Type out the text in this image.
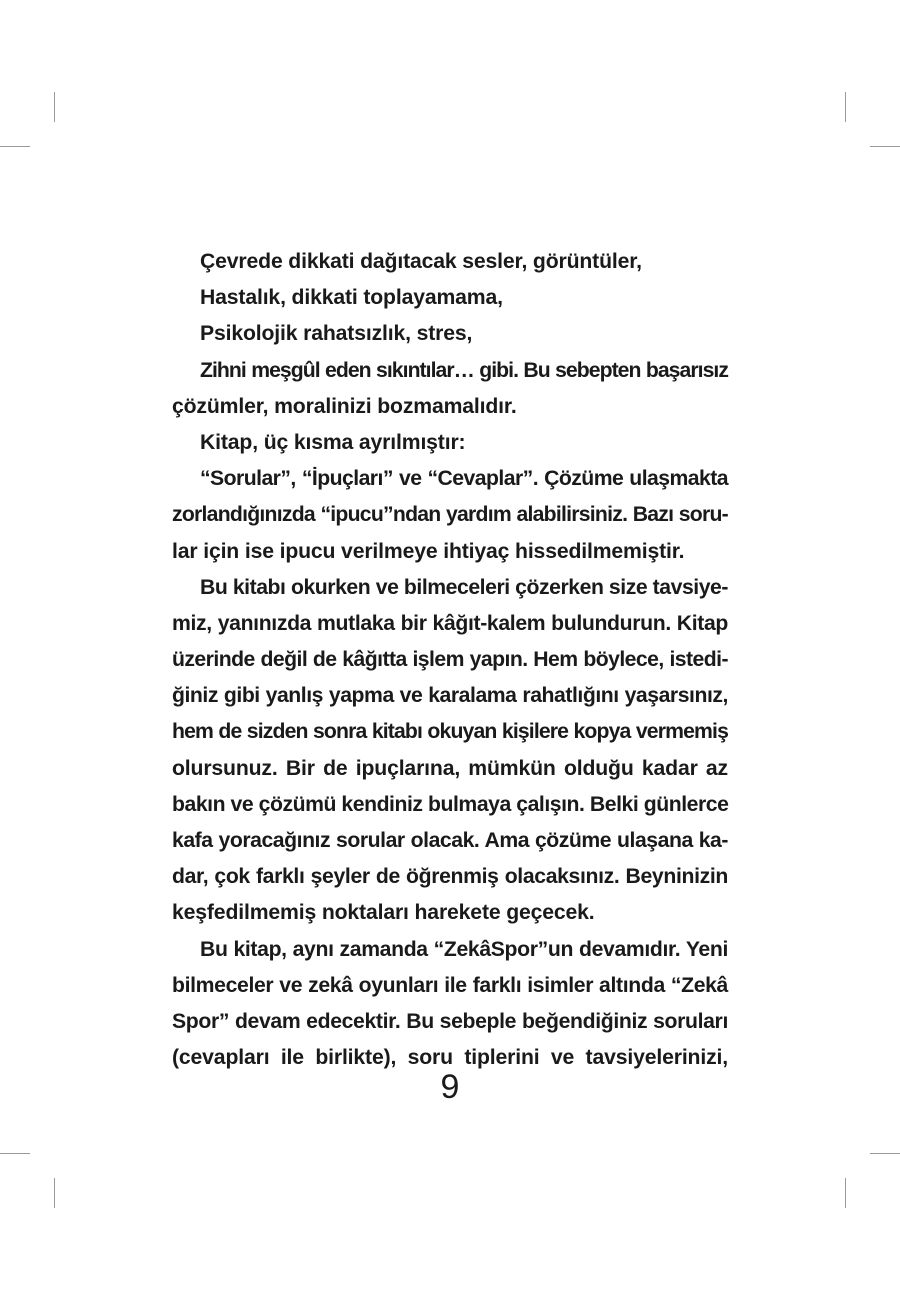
Çevrede dikkati dağıtacak sesler, görüntüler,
Hastalık, dikkati toplayamama,
Psikolojik rahatsızlık, stres,
Zihni meşgûl eden sıkıntılar… gibi. Bu sebepten başarısız
çözümler, moralinizi bozmamalıdır.
Kitap, üç kısma ayrılmıştır:
“Sorular”, “İpuçları” ve “Cevaplar”. Çözüme ulaşmakta
zorlandığınızda “ipucu”ndan yardım alabilirsiniz. Bazı soru-
lar için ise ipucu verilmeye ihtiyaç hissedilmemiştir.
Bu kitabı okurken ve bilmeceleri çözerken size tavsiye-
miz, yanınızda mutlaka bir kâğıt-kalem bulundurun. Kitap
üzerinde değil de kâğıtta işlem yapın. Hem böylece, istedi-
ğiniz gibi yanlış yapma ve karalama rahatlığını yaşarsınız,
hem de sizden sonra kitabı okuyan kişilere kopya vermemiş
olursunuz. Bir de ipuçlarına, mümkün olduğu kadar az
bakın ve çözümü kendiniz bulmaya çalışın. Belki günlerce
kafa yoracağınız sorular olacak. Ama çözüme ulaşana ka-
dar, çok farklı şeyler de öğrenmiş olacaksınız. Beyninizin
keşfedilmemiş noktaları harekete geçecek.
Bu kitap, aynı zamanda “ZekâSpor”un devamıdır. Yeni
bilmeceler ve zekâ oyunları ile farklı isimler altında “Zekâ
Spor” devam edecektir. Bu sebeple beğendiğiniz soruları
(cevapları ile birlikte), soru tiplerini ve tavsiyelerinizi,
9
